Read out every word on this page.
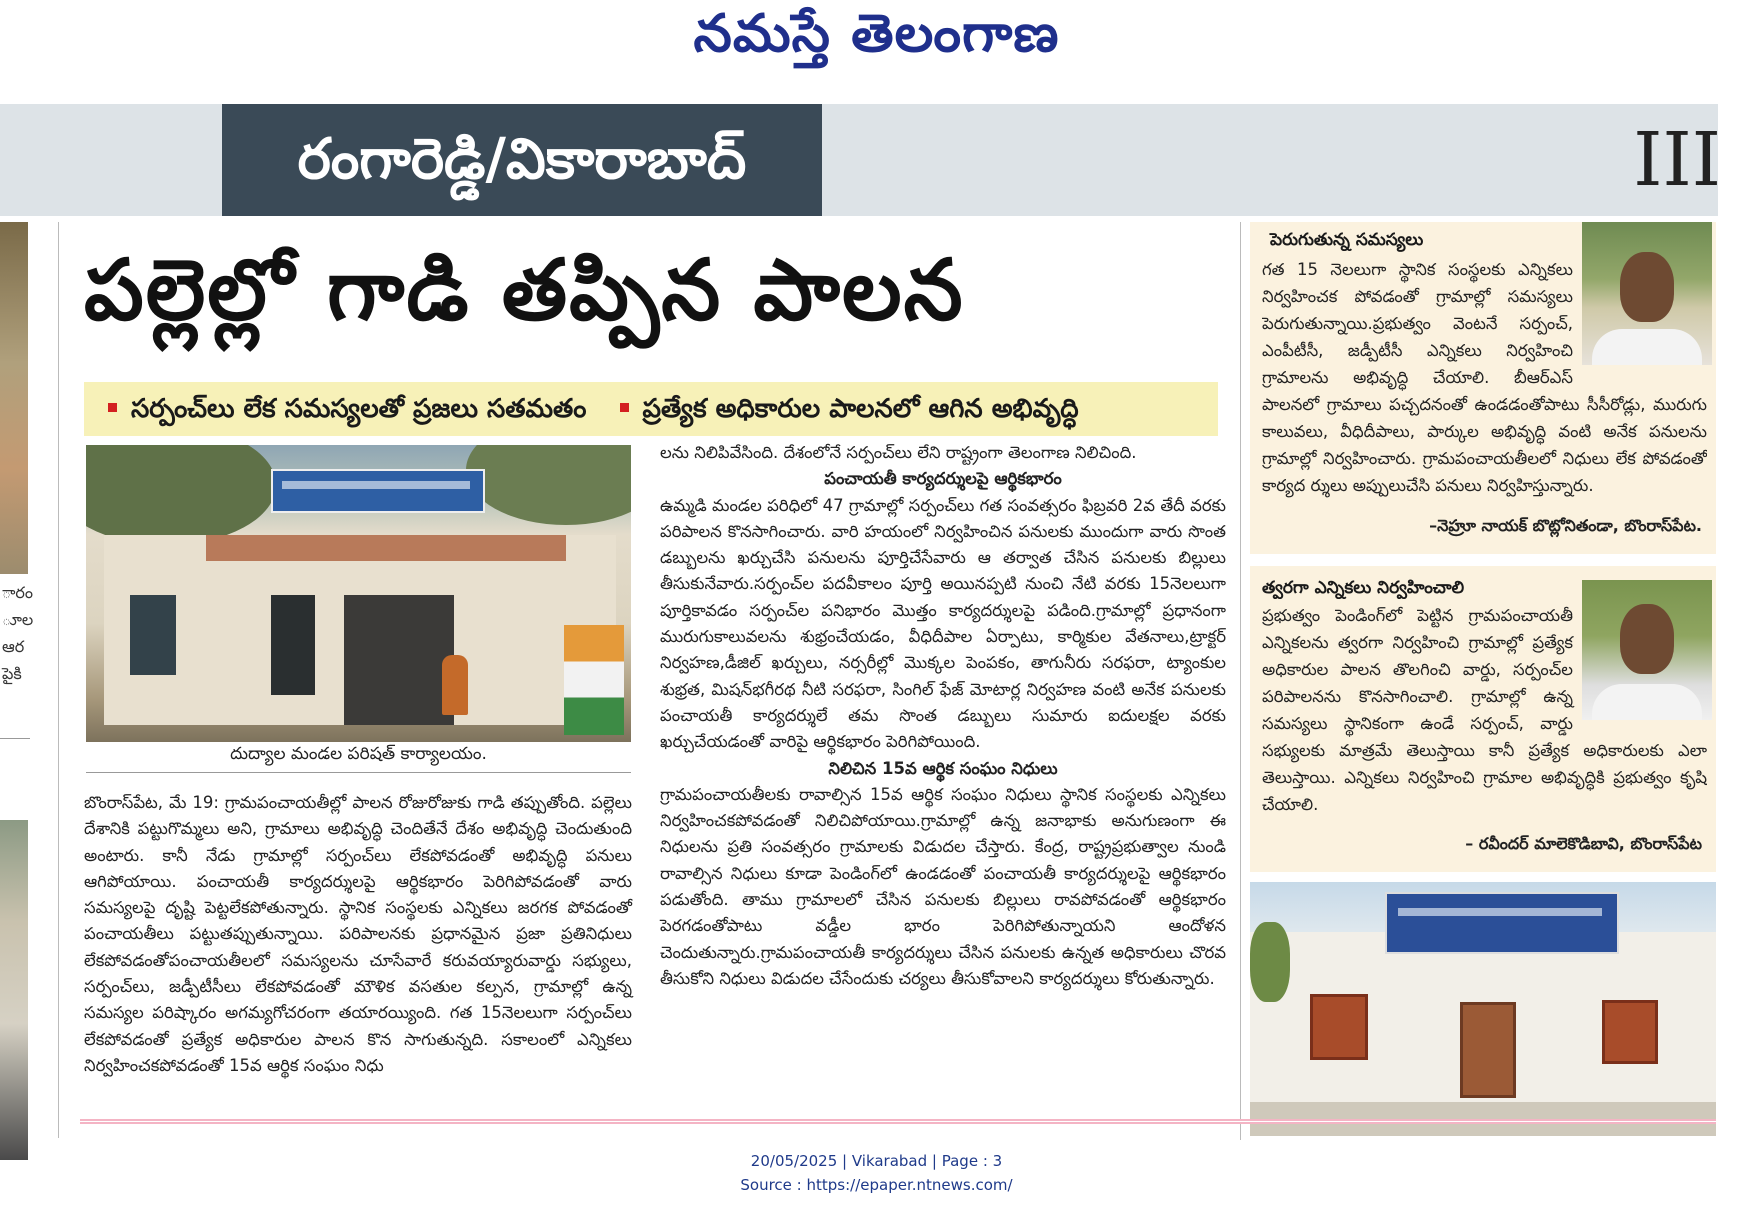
నమస్తే తెలంగాణ
రంగారెడ్డి/వికారాబాద్	III
ారం
ూల
ఆర
పైకి
పల్లెల్లో గాడి తప్పిన పాలన
సర్పంచ్‌లు లేక సమస్యలతో ప్రజలు సతమతం ప్రత్యేక అధికారుల పాలనలో ఆగిన అభివృద్ధి
దుద్యాల మండల పరిషత్ కార్యాలయం.

బొంరాస్‌పేట, మే 19: గ్రామపంచాయతీల్లో పాలన రోజురోజుకు గాడి తప్పుతోంది. పల్లెలు దేశానికి పట్టుగొమ్మలు అని, గ్రామాలు అభివృద్ధి చెందితేనే దేశం అభివృద్ధి చెందుతుంది అంటారు. కానీ నేడు గ్రామాల్లో సర్పంచ్‌లు లేకపోవడంతో అభివృద్ధి పనులు ఆగిపోయాయి. పంచాయతీ కార్యదర్శులపై ఆర్థికభారం పెరిగిపోవడంతో వారు సమస్యలపై దృష్టి పెట్టలేకపోతున్నారు. స్థానిక సంస్థలకు ఎన్నికలు జరగక పోవడంతో పంచాయతీలు పట్టుతప్పుతున్నాయి. పరిపాలనకు ప్రధానమైన ప్రజా ప్రతినిధులు లేకపోవడంతోపంచాయతీలలో సమస్యలను చూసేవారే కరువయ్యారువార్డు సభ్యులు, సర్పంచ్‌లు, జడ్పీటీసీలు లేకపోవడంతో మౌళిక వసతుల కల్పన, గ్రామాల్లో ఉన్న సమస్యల పరిష్కారం అగమ్యగోచరంగా తయారయ్యింది. గత 15నెలలుగా సర్పంచ్‌లు లేకపోవడంతో ప్రత్యేక అధికారుల పాలన కొన సాగుతున్నది. సకాలంలో ఎన్నికలు నిర్వహించకపోవడంతో 15వ ఆర్థిక సంఘం నిధు

లను నిలిపివేసింది. దేశంలోనే సర్పంచ్‌లు లేని రాష్ట్రంగా తెలంగాణ నిలిచింది.

పంచాయతీ కార్యదర్శులపై ఆర్థికభారం

ఉమ్మడి మండల పరిధిలో 47 గ్రామాల్లో సర్పంచ్‌లు గత సంవత్సరం ఫిబ్రవరి 2వ తేదీ వరకు పరిపాలన కొనసాగించారు. వారి హయంలో నిర్వహించిన పనులకు ముందుగా వారు సొంత డబ్బులను ఖర్చుచేసి పనులను పూర్తిచేసేవారు ఆ తర్వాత చేసిన పనులకు బిల్లులు తీసుకునేవారు.సర్పంచ్‌ల పదవీకాలం పూర్తి అయినప్పటి నుంచి నేటి వరకు 15నెలలుగా పూర్తికావడం సర్పంచ్‌ల పనిభారం మొత్తం కార్యదర్శులపై పడింది.గ్రామాల్లో ప్రధానంగా మురుగుకాలువలను శుభ్రంచేయడం, వీధిదీపాల ఏర్పాటు, కార్మికుల వేతనాలు,ట్రాక్టర్ నిర్వహణ,డీజిల్ ఖర్చులు, నర్సరీల్లో మొక్కల పెంపకం, తాగునీరు సరఫరా, ట్యాంకుల శుభ్రత, మిషన్‌భగీరథ నీటి సరఫరా, సింగిల్ ఫేజ్ మోటార్ల నిర్వహణ వంటి అనేక పనులకు పంచాయతీ కార్యదర్శులే తమ సొంత డబ్బులు సుమారు ఐదులక్షల వరకు ఖర్చుచేయడంతో వారిపై ఆర్థికభారం పెరిగిపోయింది.

నిలిచిన 15వ ఆర్థిక సంఘం నిధులు

గ్రామపంచాయతీలకు రావాల్సిన 15వ ఆర్థిక సంఘం నిధులు స్థానిక సంస్థలకు ఎన్నికలు నిర్వహించకపోవడంతో నిలిచిపోయాయి.గ్రామాల్లో ఉన్న జనాభాకు అనుగుణంగా ఈ నిధులను ప్రతి సంవత్సరం గ్రామాలకు విడుదల చేస్తారు. కేంద్ర, రాష్ట్రప్రభుత్వాల నుండి రావాల్సిన నిధులు కూడా పెండింగ్‌లో ఉండడంతో పంచాయతీ కార్యదర్శులపై ఆర్థికభారం పడుతోంది. తాము గ్రామాలలో చేసిన పనులకు బిల్లులు రావపోవడంతో ఆర్థికభారం పెరగడంతోపాటు వడ్డీల భారం పెరిగిపోతున్నాయని ఆందోళన చెందుతున్నారు.గ్రామపంచాయతీ కార్యదర్శులు చేసిన పనులకు ఉన్నత అధికారులు చొరవ తీసుకోని నిధులు విడుదల చేసేందుకు చర్యలు తీసుకోవాలని కార్యదర్శులు కోరుతున్నారు.

పెరుగుతున్న సమస్యలు
గత 15 నెలలుగా స్థానిక సంస్థలకు ఎన్నికలు నిర్వహించక పోవడంతో గ్రామాల్లో సమస్యలు పెరుగుతున్నాయి.ప్రభుత్వం వెంటనే సర్పంచ్, ఎంపీటీసీ, జడ్పీటీసీ ఎన్నికలు నిర్వహించి గ్రామాలను అభివృద్ధి చేయాలి. బీఆర్‌ఎస్ పాలనలో గ్రామాలు పచ్చదనంతో ఉండడంతోపాటు సీసీరోడ్లు, మురుగు కాలువలు, వీధిదీపాలు, పార్కుల అభివృద్ధి వంటి అనేక పనులను గ్రామాల్లో నిర్వహించారు. గ్రామపంచాయతీలలో నిధులు లేక పోవడంతో కార్యద ర్శులు అప్పులుచేసి పనులు నిర్వహిస్తున్నారు.
–నెహ్రూ నాయక్ బొట్లోనితండా, బొంరాస్‌పేట.
త్వరగా ఎన్నికలు నిర్వహించాలి
ప్రభుత్వం పెండింగ్‌లో పెట్టిన గ్రామపంచాయతీ ఎన్నికలను త్వరగా నిర్వహించి గ్రామాల్లో ప్రత్యేక అధికారుల పాలన తొలగించి వార్డు, సర్పంచ్‌ల పరిపాలనను కొనసాగించాలి. గ్రామాల్లో ఉన్న సమస్యలు స్థానికంగా ఉండే సర్పంచ్, వార్డు సభ్యులకు మాత్రమే తెలుస్తాయి కానీ ప్రత్యేక అధికారులకు ఎలా తెలుస్తాయి. ఎన్నికలు నిర్వహించి గ్రామాల అభివృద్ధికి ప్రభుత్వం కృషి చేయాలి.
– రవీందర్ మాలెకొడిబావి, బొంరాస్‌పేట
20/05/2025 | Vikarabad | Page : 3
Source : https://epaper.ntnews.com/
